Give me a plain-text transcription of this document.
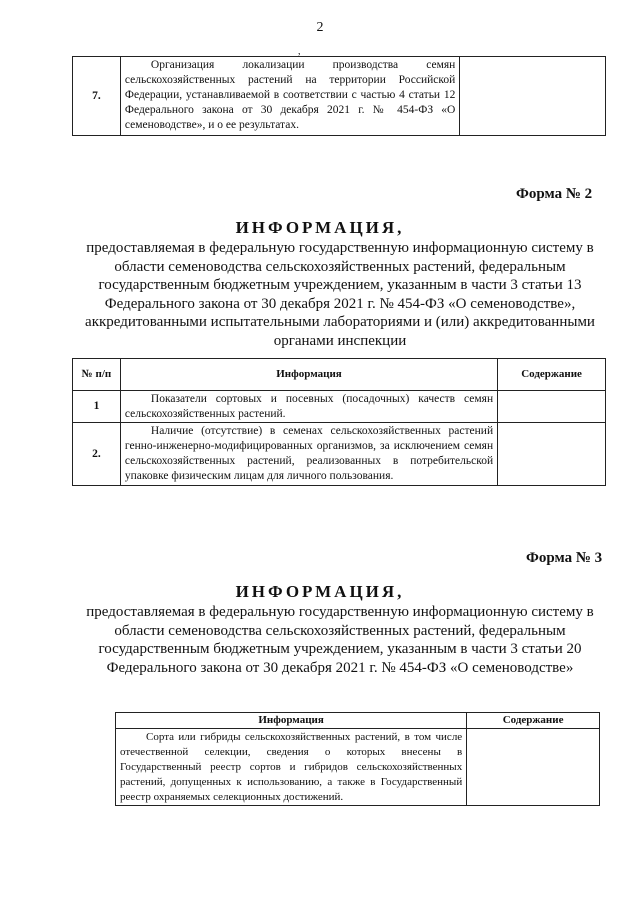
2
,
7.	Организация локализации производства семян сельскохозяйственных растений на территории Российской Федерации, устанавливаемой в соответствии с частью 4 статьи 12 Федерального закона от 30 декабря 2021 г. № 454-ФЗ «О семеноводстве», и о ее результатах.	
Форма № 2
ИНФОРМАЦИЯ,
предоставляемая в федеральную государственную информационную систему в области семеноводства сельскохозяйственных растений, федеральным государственным бюджетным учреждением, указанным в части 3 статьи 13 Федерального закона от 30 декабря 2021 г. № 454-ФЗ «О семеноводстве», аккредитованными испытательными лабораториями и (или) аккредитованными органами инспекции
№ п/п	Информация	Содержание
1	Показатели сортовых и посевных (посадочных) качеств семян сельскохозяйственных растений.	
2.	Наличие (отсутствие) в семенах сельскохозяйственных растений генно-инженерно-модифицированных организмов, за исключением семян сельскохозяйственных растений, реализованных в потребительской упаковке физическим лицам для личного пользования.	
Форма № 3
ИНФОРМАЦИЯ,
предоставляемая в федеральную государственную информационную систему в области семеноводства сельскохозяйственных растений, федеральным государственным бюджетным учреждением, указанным в части 3 статьи 20 Федерального закона от 30 декабря 2021 г. № 454-ФЗ «О семеноводстве»
Информация	Содержание
Сорта или гибриды сельскохозяйственных растений, в том числе отечественной селекции, сведения о которых внесены в Государственный реестр сортов и гибридов сельскохозяйственных растений, допущенных к использованию, а также в Государственный реестр охраняемых селекционных достижений.	
